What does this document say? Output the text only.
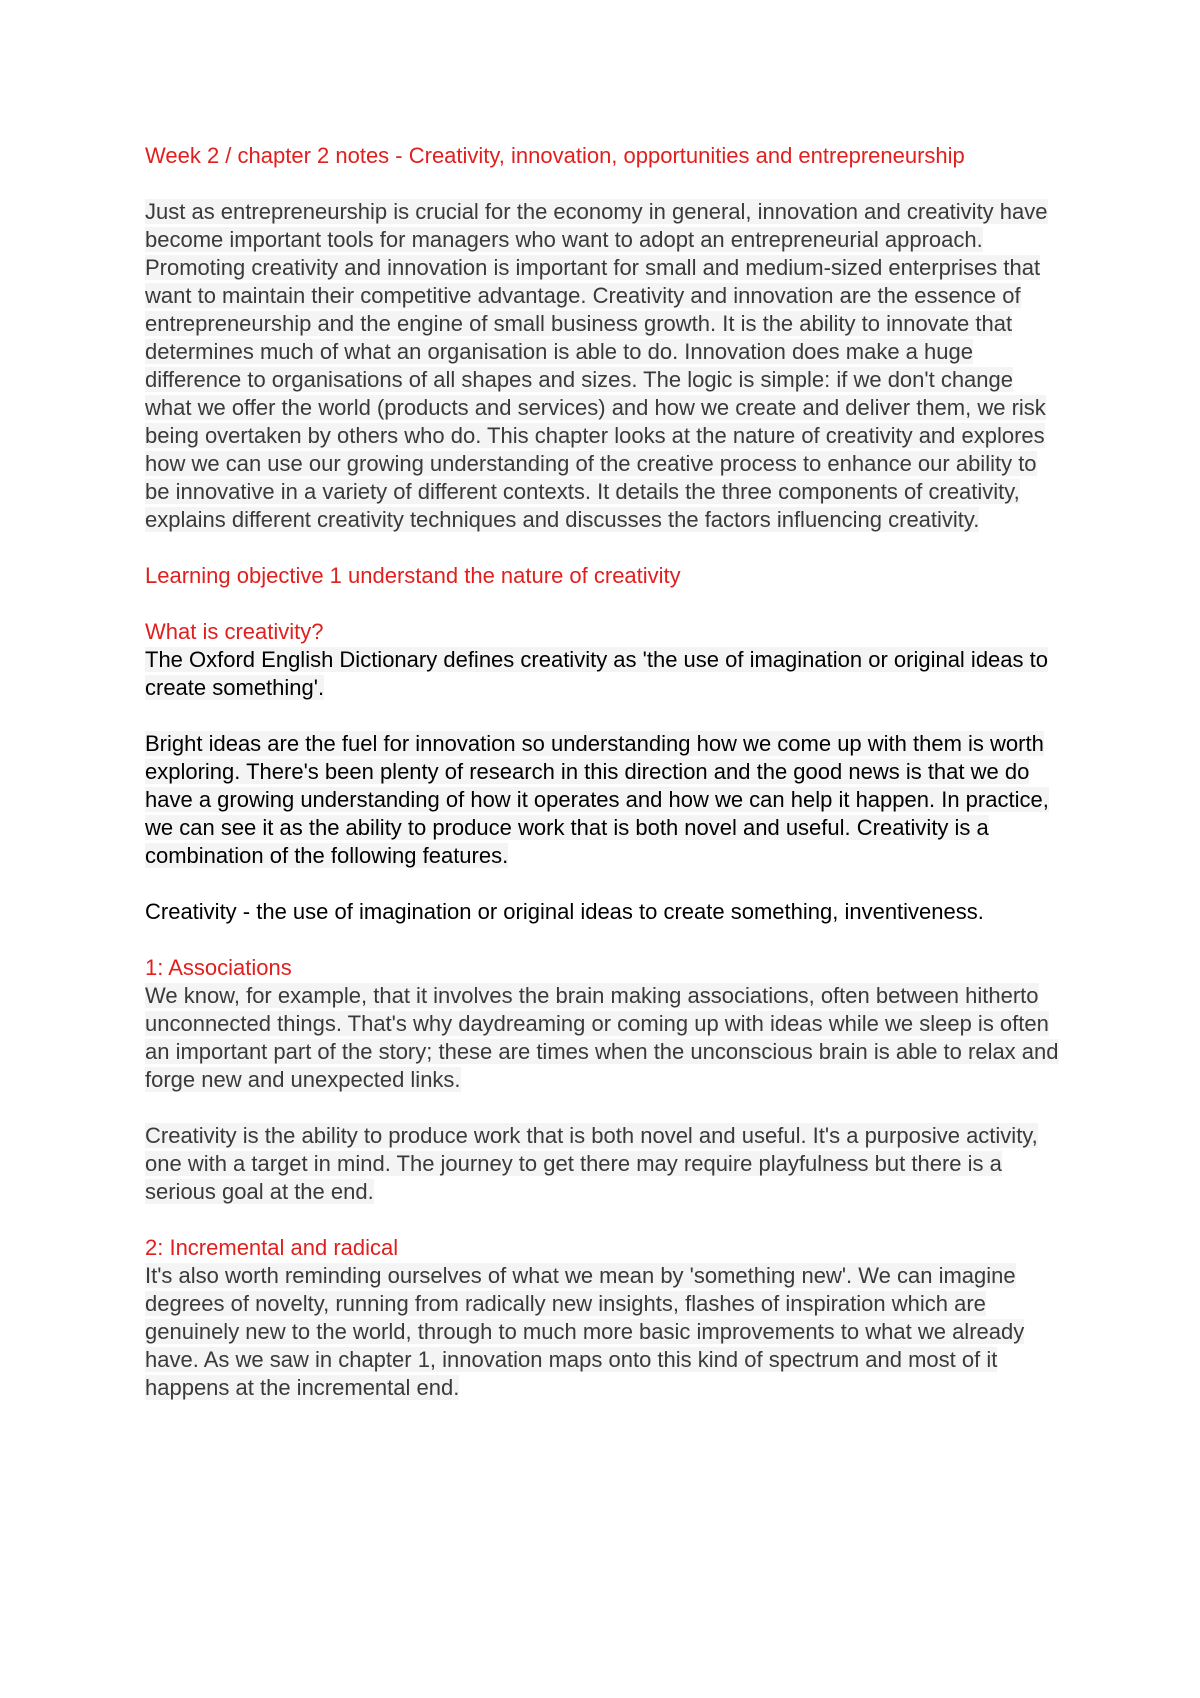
Week 2 / chapter 2 notes - Creativity, innovation, opportunities and entrepreneurship

Just as entrepreneurship is crucial for the economy in general, innovation and creativity have become important tools for managers who want to adopt an entrepreneurial approach. Promoting creativity and innovation is important for small and medium-sized enterprises that want to maintain their competitive advantage. Creativity and innovation are the essence of entrepreneurship and the engine of small business growth. It is the ability to innovate that determines much of what an organisation is able to do. Innovation does make a huge difference to organisations of all shapes and sizes. The logic is simple: if we don't change what we offer the world (products and services) and how we create and deliver them, we risk being overtaken by others who do. This chapter looks at the nature of creativity and explores how we can use our growing understanding of the creative process to enhance our ability to be innovative in a variety of different contexts. It details the three components of creativity, explains different creativity techniques and discusses the factors influencing creativity.

Learning objective 1 understand the nature of creativity
What is creativity?

The Oxford English Dictionary defines creativity as 'the use of imagination or original ideas to create something'.

Bright ideas are the fuel for innovation so understanding how we come up with them is worth exploring. There's been plenty of research in this direction and the good news is that we do have a growing understanding of how it operates and how we can help it happen. In practice, we can see it as the ability to produce work that is both novel and useful. Creativity is a combination of the following features.

Creativity - the use of imagination or original ideas to create something, inventiveness.

1: Associations

We know, for example, that it involves the brain making associations, often between hitherto unconnected things. That's why daydreaming or coming up with ideas while we sleep is often an important part of the story; these are times when the unconscious brain is able to relax and forge new and unexpected links.

Creativity is the ability to produce work that is both novel and useful. It's a purposive activity, one with a target in mind. The journey to get there may require playfulness but there is a serious goal at the end.

2: Incremental and radical

It's also worth reminding ourselves of what we mean by 'something new'. We can imagine degrees of novelty, running from radically new insights, flashes of inspiration which are genuinely new to the world, through to much more basic improvements to what we already have. As we saw in chapter 1, innovation maps onto this kind of spectrum and most of it happens at the incremental end.
